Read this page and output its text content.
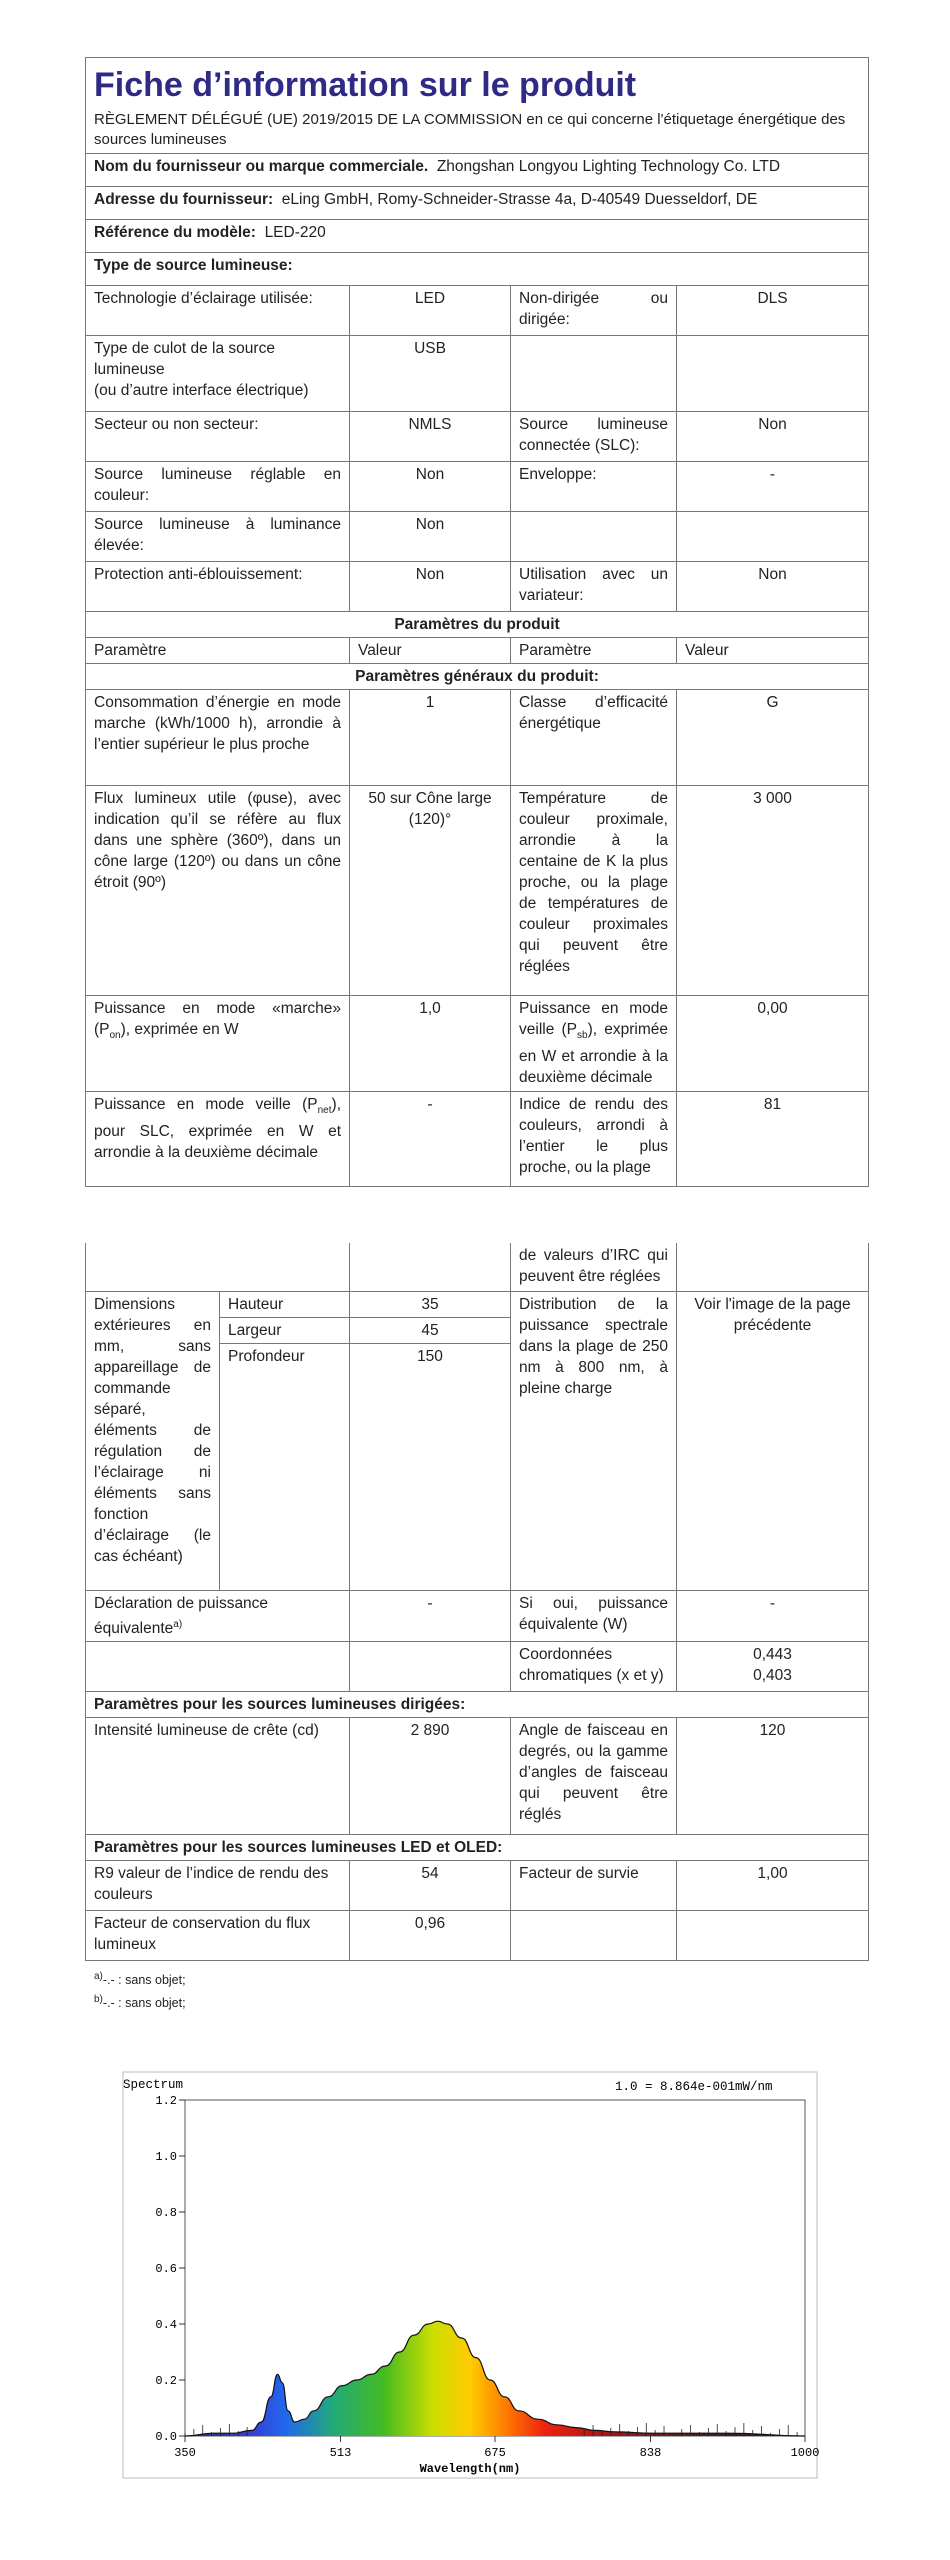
Fiche d’information sur le produit
RÈGLEMENT DÉLÉGUÉ (UE) 2019/2015 DE LA COMMISSION en ce qui concerne l'étiquetage énergétique des sources lumineuses			

Nom du fournisseur ou marque commerciale. Zhongshan Longyou Lighting Technology Co. LTD			
Adresse du fournisseur: eLing GmbH, Romy-Schneider-Strasse 4a, D-40549 Duesseldorf, DE			
Référence du modèle: LED-220			
Type de source lumineuse:			
Technologie d’éclairage utilisée:	LED	Non-dirigée ou dirigée:	DLS

Type de culot de la source lumineuse
(ou d’autre interface électrique)	USB		
Secteur ou non secteur:	NMLS	Source lumineuse connectée (SLC):	Non
Source lumineuse réglable en couleur:	Non	Enveloppe:	-
Source lumineuse à luminance élevée:	Non		
Protection anti-éblouissement:	Non	Utilisation avec un variateur:	Non
Paramètres du produit			
Paramètre	Valeur	Paramètre	Valeur
Paramètres généraux du produit:			
Consommation d’énergie en mode marche (kWh/1000 h), arrondie à l’entier supérieur le plus proche	1	Classe d’efficacité énergétique	G
Flux lumineux utile (φuse), avec indication qu’il se réfère au flux dans une sphère (360º), dans un cône large (120º) ou dans un cône étroit (90º)	50 sur Cône large (120)°	Température de couleur proximale, arrondie à la centaine de K la plus proche, ou la plage de températures de couleur proximales qui peuvent être réglées	3 000
Puissance en mode «marche» $(P_{on})$, exprimée en W	1,0	Puissance en mode veille $(P_{sb})$, exprimée en W et arrondie à la deuxième décimale	0,00
Puissance en mode veille $(P_{net})$, pour SLC, exprimée en W et arrondie à la deuxième décimale	-	Indice de rendu des couleurs, arrondi à l’entier le plus proche, ou la plage	81
			de valeurs d’IRC qui peuvent être réglées	
Dimensions extérieures en mm, sans appareillage de commande séparé, éléments de régulation de l’éclairage ni éléments sans fonction d’éclairage (le cas échéant)	Hauteur	35	Distribution de la puissance spectrale dans la plage de 250 nm à 800 nm, à pleine charge	Voir l'image de la page précédente
	Largeur	45		
	Profondeur	150		
Déclaration de puissance équivalente$^{a)}$		-	Si oui, puissance équivalente (W)	-
			Coordonnées chromatiques (x et y)	0,443
0,403

Paramètres pour les sources lumineuses dirigées:				
Intensité lumineuse de crête (cd)		2 890	Angle de faisceau en degrés, ou la gamme d’angles de faisceau qui peuvent être réglés	120
Paramètres pour les sources lumineuses LED et OLED:				
R9 valeur de l’indice de rendu des couleurs		54	Facteur de survie	1,00
Facteur de conservation du flux lumineux		0,96		
$^{a)}$-.- : sans objet;
$^{b)}$-.- : sans objet;
Spectrum	1.0 = 8.864e-001mW/nm
0.0
0.2
0.4
0.6
0.8
1.0
1.2
350	513	675	838	1000
Wavelength(nm)
